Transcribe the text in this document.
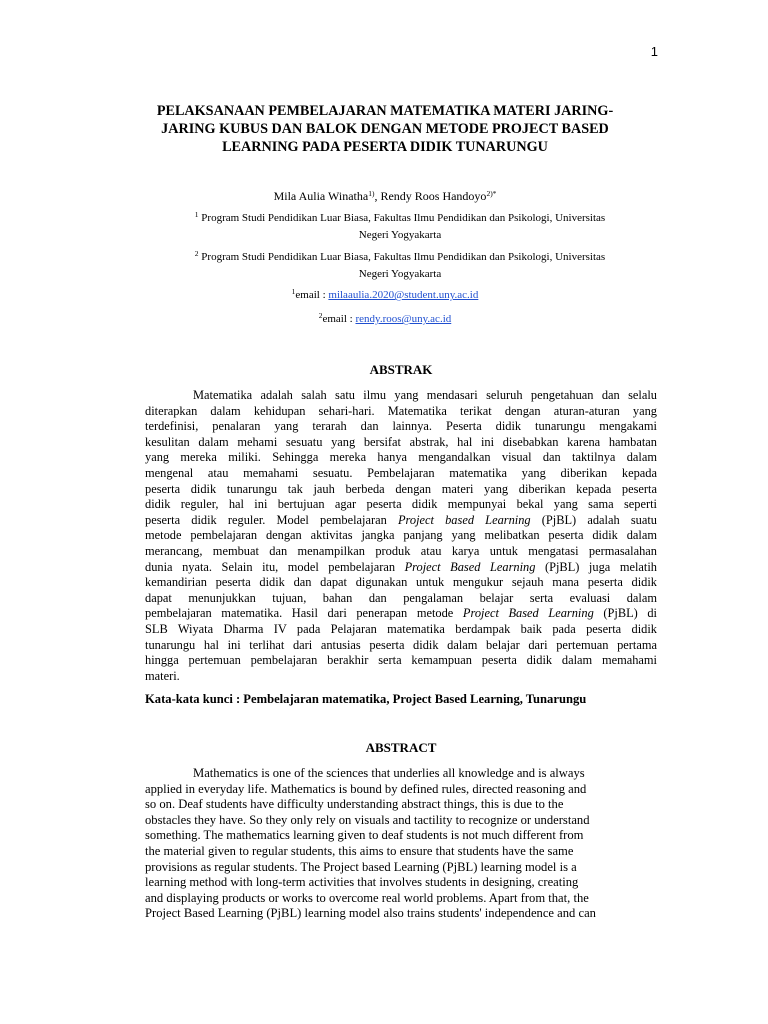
1
PELAKSANAAN PEMBELAJARAN MATEMATIKA MATERI JARING-
JARING KUBUS DAN BALOK DENGAN METODE PROJECT BASED
LEARNING PADA PESERTA DIDIK TUNARUNGU
Mila Aulia Winatha$^{1)}$, Rendy Roos Handoyo$^{2)*}$
$^1$ Program Studi Pendidikan Luar Biasa, Fakultas Ilmu Pendidikan dan Psikologi, Universitas
Negeri Yogyakarta
$^2$ Program Studi Pendidikan Luar Biasa, Fakultas Ilmu Pendidikan dan Psikologi, Universitas
Negeri Yogyakarta
$^1$email : milaaulia.2020@student.uny.ac.id
$^2$email : rendy.roos@uny.ac.id
ABSTRAK
Matematika adalah salah satu ilmu yang mendasari seluruh pengetahuan dan selalu
diterapkan dalam kehidupan sehari-hari. Matematika terikat dengan aturan-aturan yang
terdefinisi, penalaran yang terarah dan lainnya. Peserta didik tunarungu mengakami
kesulitan dalam mehami sesuatu yang bersifat abstrak, hal ini disebabkan karena hambatan
yang mereka miliki. Sehingga mereka hanya mengandalkan visual dan taktilnya dalam
mengenal atau memahami sesuatu. Pembelajaran matematika yang diberikan kepada
peserta didik tunarungu tak jauh berbeda dengan materi yang diberikan kepada peserta
didik reguler, hal ini bertujuan agar peserta didik mempunyai bekal yang sama seperti
peserta didik reguler. Model pembelajaran Project based Learning (PjBL) adalah suatu
metode pembelajaran dengan aktivitas jangka panjang yang melibatkan peserta didik dalam
merancang, membuat dan menampilkan produk atau karya untuk mengatasi permasalahan
dunia nyata. Selain itu, model pembelajaran Project Based Learning (PjBL) juga melatih
kemandirian peserta didik dan dapat digunakan untuk mengukur sejauh mana peserta didik
dapat menunjukkan tujuan, bahan dan pengalaman belajar serta evaluasi dalam
pembelajaran matematika. Hasil dari penerapan metode Project Based Learning (PjBL) di
SLB Wiyata Dharma IV pada Pelajaran matematika berdampak baik pada peserta didik
tunarungu hal ini terlihat dari antusias peserta didik dalam belajar dari pertemuan pertama
hingga pertemuan pembelajaran berakhir serta kemampuan peserta didik dalam memahami
materi.
Kata-kata kunci : Pembelajaran matematika, Project Based Learning, Tunarungu
ABSTRACT
Mathematics is one of the sciences that underlies all knowledge and is always
applied in everyday life. Mathematics is bound by defined rules, directed reasoning and
so on. Deaf students have difficulty understanding abstract things, this is due to the
obstacles they have. So they only rely on visuals and tactility to recognize or understand
something. The mathematics learning given to deaf students is not much different from
the material given to regular students, this aims to ensure that students have the same
provisions as regular students. The Project based Learning (PjBL) learning model is a
learning method with long-term activities that involves students in designing, creating
and displaying products or works to overcome real world problems. Apart from that, the
Project Based Learning (PjBL) learning model also trains students' independence and can
